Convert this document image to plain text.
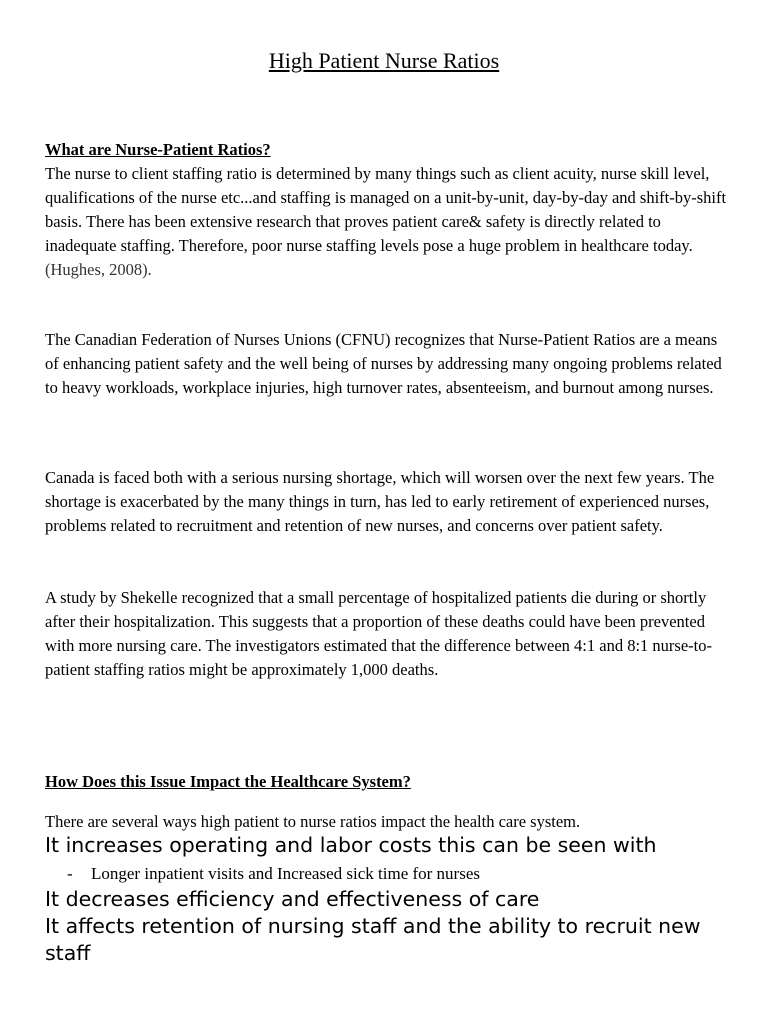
High Patient Nurse Ratios
What are Nurse-Patient Ratios?
The nurse to client staffing ratio is determined by many things such as client acuity, nurse skill level, qualifications of the nurse etc...and staffing is managed on a unit-by-unit, day-by-day and shift-by-shift basis. There has been extensive research that proves patient care& safety is directly related to inadequate staffing. Therefore, poor nurse staffing levels pose a huge problem in healthcare today.   (Hughes, 2008).

The Canadian Federation of Nurses Unions (CFNU) recognizes that Nurse-Patient Ratios are a means of enhancing patient safety and the well being of nurses by addressing many ongoing problems related to heavy workloads, workplace injuries, high turnover rates, absenteeism, and burnout among nurses.

Canada is faced both with a serious nursing shortage, which will worsen over the next few years. The shortage is exacerbated by the many things in turn, has led to early retirement of experienced nurses, problems related to recruitment and retention of new nurses, and concerns over patient safety.

A study by Shekelle recognized that a small percentage of hospitalized patients die during or shortly after their hospitalization. This suggests that a proportion of these deaths could have been prevented with more nursing care. The investigators estimated that the difference between 4:1 and 8:1 nurse-to-patient staffing ratios might be approximately 1,000 deaths.

How Does this Issue Impact the Healthcare System?

There are several ways high patient to nurse ratios impact the health care system.

It increases operating and labor costs this can be seen with

- Longer inpatient visits and Increased sick time for nurses

It decreases efficiency and effectiveness of care

It affects retention of nursing staff and the ability to recruit new staff
